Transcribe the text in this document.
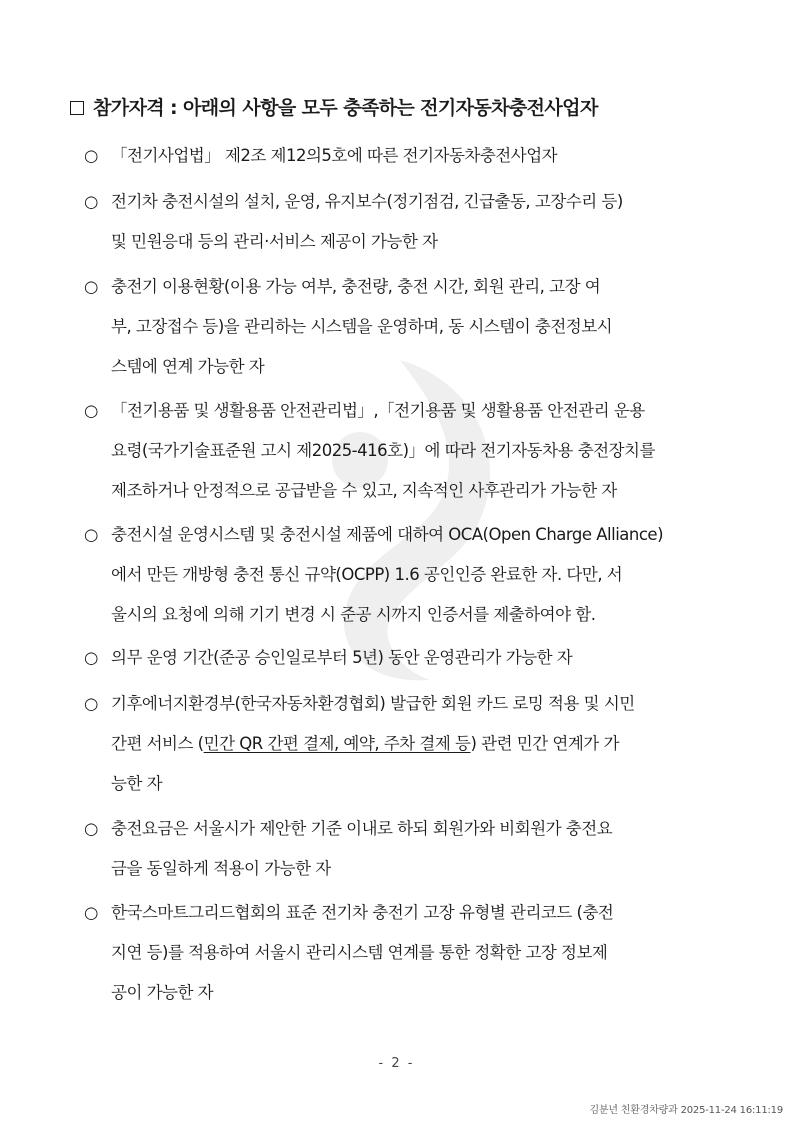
참가자격 : 아래의 사항을 모두 충족하는 전기자동차충전사업자
○ 「전기사업법」 제2조 제12의5호에 따른 전기자동차충전사업자
○ 전기차 충전시설의 설치, 운영, 유지보수(정기점검, 긴급출동, 고장수리 등)
및 민원응대 등의 관리·서비스 제공이 가능한 자
○ 충전기 이용현황(이용 가능 여부, 충전량, 충전 시간, 회원 관리, 고장 여
부, 고장접수 등)을 관리하는 시스템을 운영하며, 동 시스템이 충전정보시
스템에 연계 가능한 자
○ 「전기용품 및 생활용품 안전관리법」,「전기용품 및 생활용품 안전관리 운용
요령(국가기술표준원 고시 제2025-416호)」에 따라 전기자동차용 충전장치를
제조하거나 안정적으로 공급받을 수 있고, 지속적인 사후관리가 가능한 자
○ 충전시설 운영시스템 및 충전시설 제품에 대하여 OCA(Open Charge Alliance)
에서 만든 개방형 충전 통신 규약(OCPP) 1.6 공인인증 완료한 자. 다만, 서
울시의 요청에 의해 기기 변경 시 준공 시까지 인증서를 제출하여야 함.
○ 의무 운영 기간(준공 승인일로부터 5년) 동안 운영관리가 가능한 자
○ 기후에너지환경부(한국자동차환경협회) 발급한 회원 카드 로밍 적용 및 시민
간편 서비스 (민간 QR 간편 결제, 예약, 주차 결제 등) 관련 민간 연계가 가
능한 자
○ 충전요금은 서울시가 제안한 기준 이내로 하되 회원가와 비회원가 충전요
금을 동일하게 적용이 가능한 자
○ 한국스마트그리드협회의 표준 전기차 충전기 고장 유형별 관리코드 (충전
지연 등)를 적용하여 서울시 관리시스템 연계를 통한 정확한 고장 정보제
공이 가능한 자
- 2 -
김분년 친환경차량과 2025-11-24 16:11:19
